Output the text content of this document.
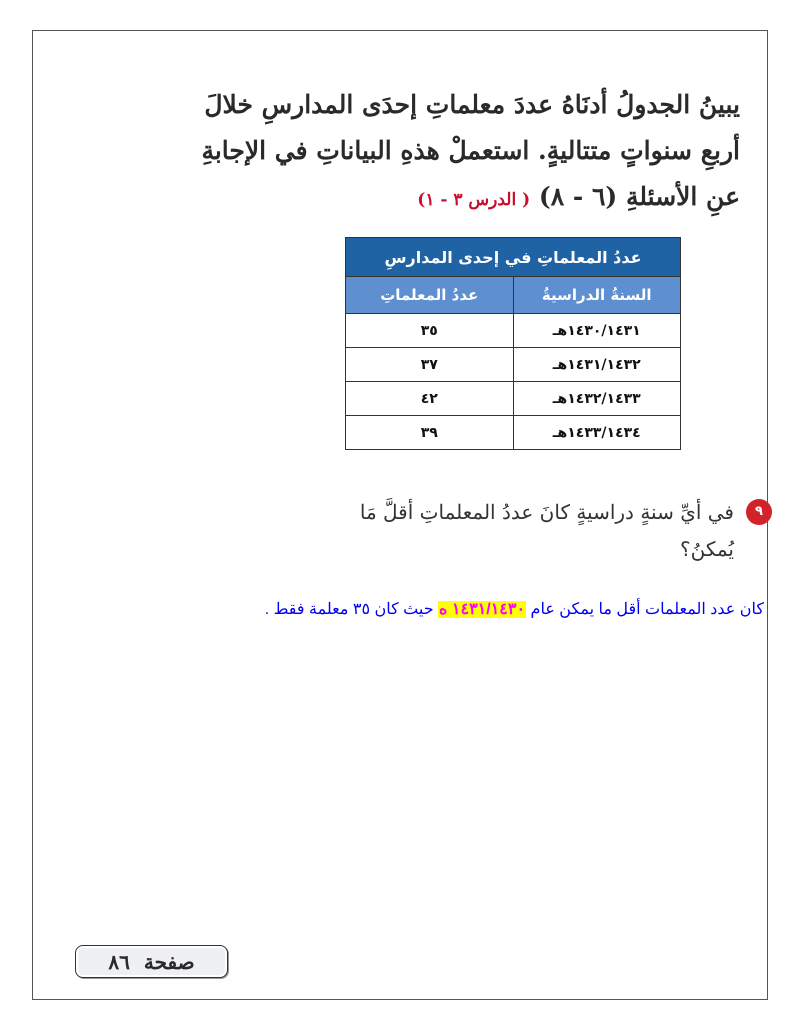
يبينُ الجدولُ أدنَاهُ عددَ معلماتِ إحدَى المدارسِ خلالَ
أربعِ سنواتٍ متتاليةٍ. استعملْ هذهِ البياناتِ في الإجابةِ
عنِ الأسئلةِ (٦ - ٨) ( الدرس ٣ - ١)
عددُ المعلماتِ في إحدى المدارسِ	
السنةُ الدراسيةُ	عددُ المعلماتِ
١٤٣٠/١٤٣١هـ	٣٥
١٤٣١/١٤٣٢هـ	٣٧
١٤٣٢/١٤٣٣هـ	٤٢
١٤٣٣/١٤٣٤هـ	٣٩
٩
في أيِّ سنةٍ دراسيةٍ كانَ عددُ المعلماتِ أقلَّ مَا
يُمكنُ؟
كان عدد المعلمات أقل ما يمكن عام ١٤٣١/١٤٣٠ ه حيث كان ٣٥ معلمة فقط .
صفحة
٨٦
